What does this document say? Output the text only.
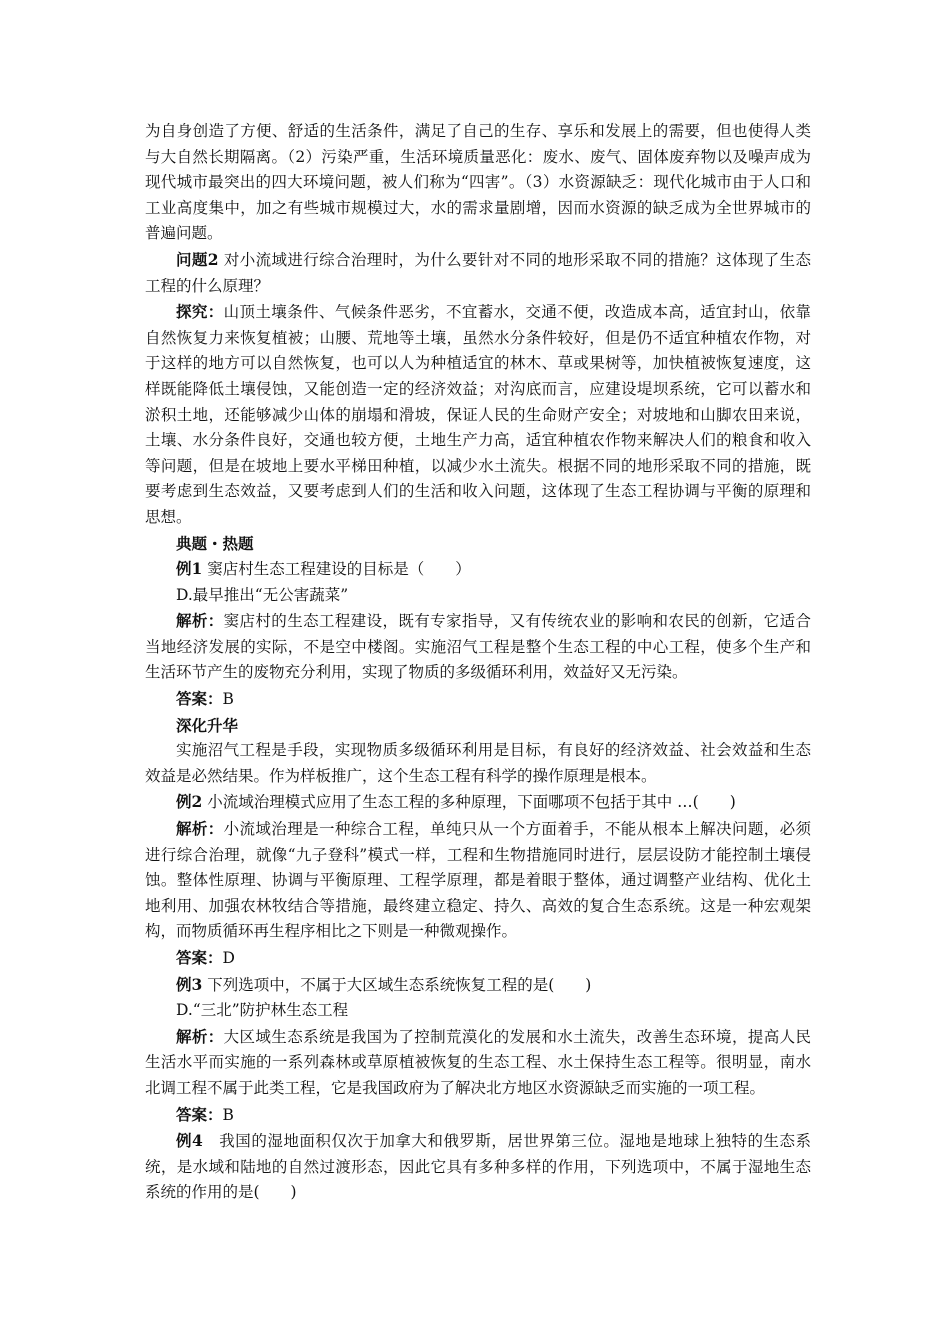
为自身创造了方便、舒适的生活条件，满足了自己的生存、享乐和发展上的需要，但也使得人类与大自然长期隔离。（2）污染严重，生活环境质量恶化：废水、废气、固体废弃物以及噪声成为现代城市最突出的四大环境问题，被人们称为“四害”。（3）水资源缺乏：现代化城市由于人口和工业高度集中，加之有些城市规模过大，水的需求量剧增，因而水资源的缺乏成为全世界城市的普遍问题。

问题2 对小流域进行综合治理时，为什么要针对不同的地形采取不同的措施？这体现了生态工程的什么原理？

探究：山顶土壤条件、气候条件恶劣，不宜蓄水，交通不便，改造成本高，适宜封山，依靠自然恢复力来恢复植被；山腰、荒地等土壤，虽然水分条件较好，但是仍不适宜种植农作物，对于这样的地方可以自然恢复，也可以人为种植适宜的林木、草或果树等，加快植被恢复速度，这样既能降低土壤侵蚀，又能创造一定的经济效益；对沟底而言，应建设堤坝系统，它可以蓄水和淤积土地，还能够减少山体的崩塌和滑坡，保证人民的生命财产安全；对坡地和山脚农田来说，土壤、水分条件良好，交通也较方便，土地生产力高，适宜种植农作物来解决人们的粮食和收入等问题，但是在坡地上要水平梯田种植，以减少水土流失。根据不同的地形采取不同的措施，既要考虑到生态效益，又要考虑到人们的生活和收入问题，这体现了生态工程协调与平衡的原理和思想。

典题・热题

例1 窦店村生态工程建设的目标是（　　）

D.最早推出“无公害蔬菜”

解析：窦店村的生态工程建设，既有专家指导，又有传统农业的影响和农民的创新，它适合当地经济发展的实际，不是空中楼阁。实施沼气工程是整个生态工程的中心工程，使多个生产和生活环节产生的废物充分利用，实现了物质的多级循环利用，效益好又无污染。

答案：B

深化升华

实施沼气工程是手段，实现物质多级循环利用是目标，有良好的经济效益、社会效益和生态效益是必然结果。作为样板推广，这个生态工程有科学的操作原理是根本。

例2 小流域治理模式应用了生态工程的多种原理，下面哪项不包括于其中 …(　　)

解析：小流域治理是一种综合工程，单纯只从一个方面着手，不能从根本上解决问题，必须进行综合治理，就像“九子登科”模式一样，工程和生物措施同时进行，层层设防才能控制土壤侵蚀。整体性原理、协调与平衡原理、工程学原理，都是着眼于整体，通过调整产业结构、优化土地利用、加强农林牧结合等措施，最终建立稳定、持久、高效的复合生态系统。这是一种宏观架构，而物质循环再生程序相比之下则是一种微观操作。

答案：D

例3 下列选项中，不属于大区域生态系统恢复工程的是(　　)

D.“三北”防护林生态工程

解析：大区域生态系统是我国为了控制荒漠化的发展和水土流失，改善生态环境，提高人民生活水平而实施的一系列森林或草原植被恢复的生态工程、水土保持生态工程等。很明显，南水北调工程不属于此类工程，它是我国政府为了解决北方地区水资源缺乏而实施的一项工程。

答案：B

例4　我国的湿地面积仅次于加拿大和俄罗斯，居世界第三位。湿地是地球上独特的生态系统，是水域和陆地的自然过渡形态，因此它具有多种多样的作用，下列选项中，不属于湿地生态系统的作用的是(　　)
